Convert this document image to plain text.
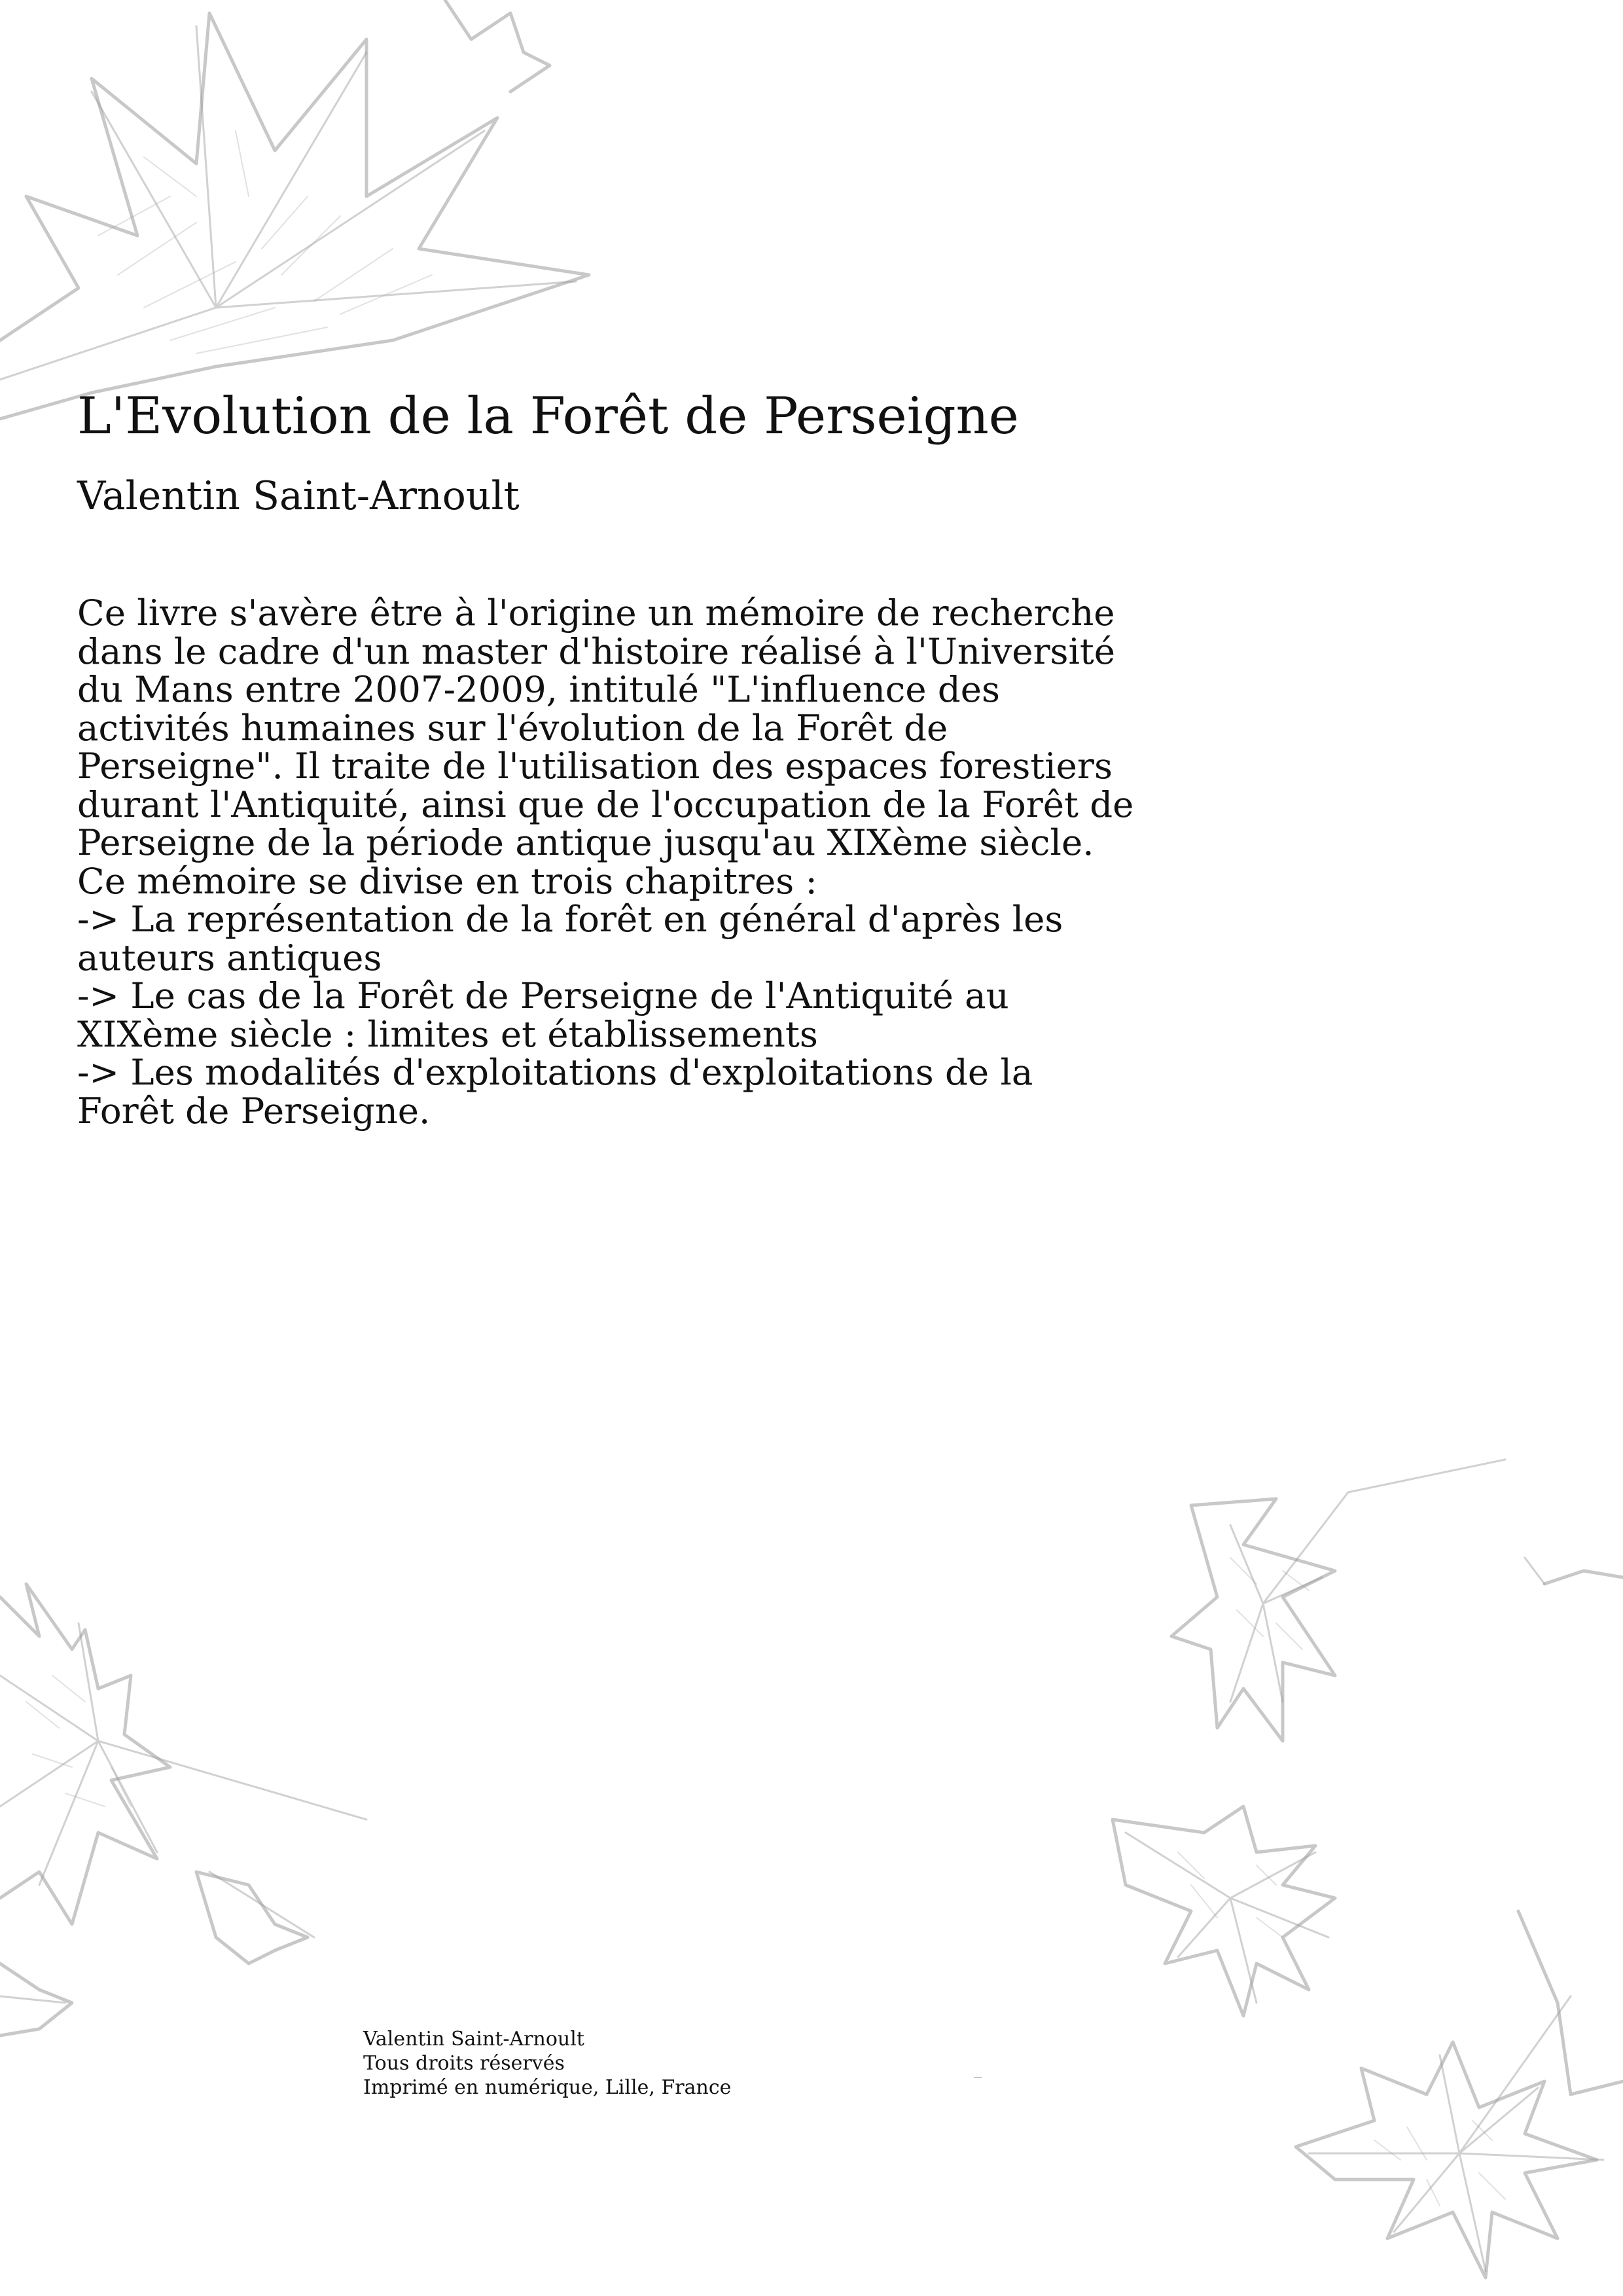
L'Evolution de la Forêt de Perseigne

Valentin Saint-Arnoult

Ce livre s'avère être à l'origine un mémoire de recherche
dans le cadre d'un master d'histoire réalisé à l'Université
du Mans entre 2007-2009, intitulé "L'influence des
activités humaines sur l'évolution de la Forêt de
Perseigne". Il traite de l'utilisation des espaces forestiers
durant l'Antiquité, ainsi que de l'occupation de la Forêt de
Perseigne de la période antique jusqu'au XIXème siècle.
Ce mémoire se divise en trois chapitres :
-> La représentation de la forêt en général d'après les
auteurs antiques
-> Le cas de la Forêt de Perseigne de l'Antiquité au
XIXème siècle : limites et établissements
-> Les modalités d'exploitations d'exploitations de la
Forêt de Perseigne.
Valentin Saint-Arnoult
Tous droits réservés
Imprimé en numérique, Lille, France
